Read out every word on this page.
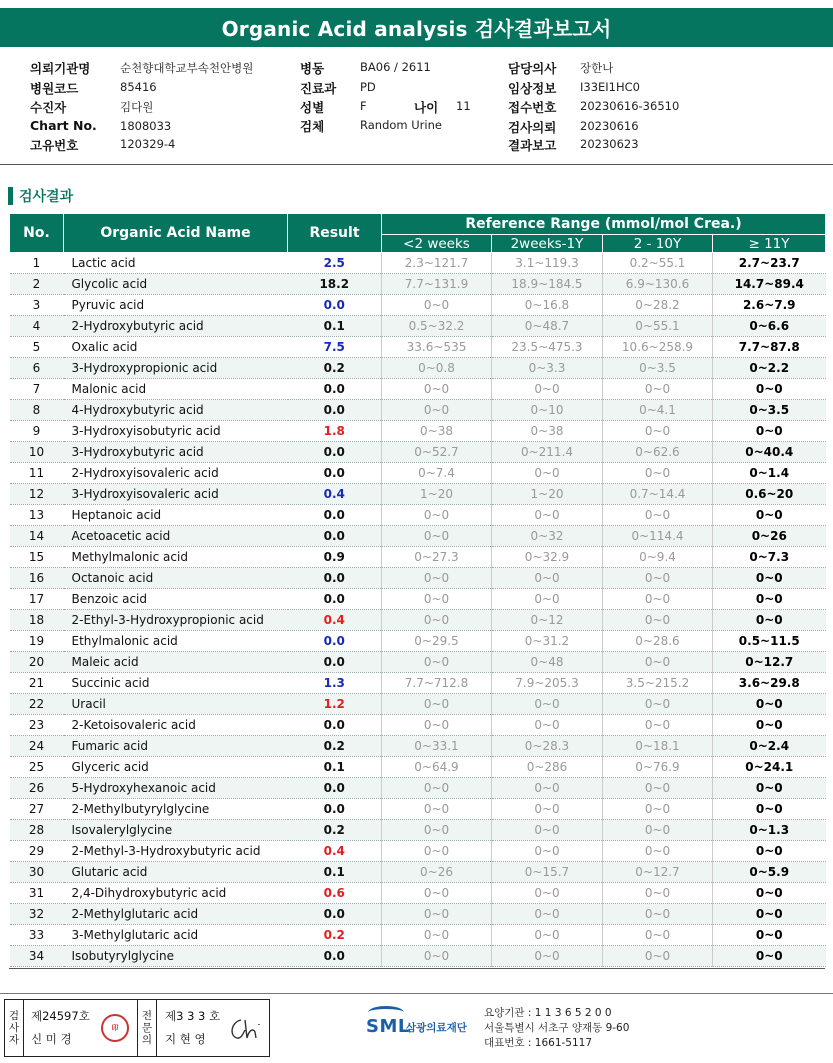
Organic Acid analysis 검사결과보고서
의뢰기관명	순천향대학교부속천안병원
병원코드	85416
수진자	김다원
Chart No. 1808033
고유번호	120329-4
병동	BA06 / 2611
진료과 PD
성별	F	나이 11
검체	Random Urine
담당의사 장한나
임상정보 I33EI1HC0
접수번호 20230616-36510
검사의뢰 20230616
결과보고 20230623
검사결과
No.	Organic Acid Name	Result	Reference Range (mmol/mol Crea.)			
			<2 weeks	2weeks-1Y	2 - 10Y	≥ 11Y
1	Lactic acid	2.5	2.3~121.7	3.1~119.3	0.2~55.1	2.7~23.7
2	Glycolic acid	18.2	7.7~131.9	18.9~184.5	6.9~130.6	14.7~89.4
3	Pyruvic acid	0.0	0~0	0~16.8	0~28.2	2.6~7.9
4	2-Hydroxybutyric acid	0.1	0.5~32.2	0~48.7	0~55.1	0~6.6
5	Oxalic acid	7.5	33.6~535	23.5~475.3	10.6~258.9	7.7~87.8
6	3-Hydroxypropionic acid	0.2	0~0.8	0~3.3	0~3.5	0~2.2
7	Malonic acid	0.0	0~0	0~0	0~0	0~0
8	4-Hydroxybutyric acid	0.0	0~0	0~10	0~4.1	0~3.5
9	3-Hydroxyisobutyric acid	1.8	0~38	0~38	0~0	0~0
10	3-Hydroxybutyric acid	0.0	0~52.7	0~211.4	0~62.6	0~40.4
11	2-Hydroxyisovaleric acid	0.0	0~7.4	0~0	0~0	0~1.4
12	3-Hydroxyisovaleric acid	0.4	1~20	1~20	0.7~14.4	0.6~20
13	Heptanoic acid	0.0	0~0	0~0	0~0	0~0
14	Acetoacetic acid	0.0	0~0	0~32	0~114.4	0~26
15	Methylmalonic acid	0.9	0~27.3	0~32.9	0~9.4	0~7.3
16	Octanoic acid	0.0	0~0	0~0	0~0	0~0
17	Benzoic acid	0.0	0~0	0~0	0~0	0~0
18	2-Ethyl-3-Hydroxypropionic acid	0.4	0~0	0~12	0~0	0~0
19	Ethylmalonic acid	0.0	0~29.5	0~31.2	0~28.6	0.5~11.5
20	Maleic acid	0.0	0~0	0~48	0~0	0~12.7
21	Succinic acid	1.3	7.7~712.8	7.9~205.3	3.5~215.2	3.6~29.8
22	Uracil	1.2	0~0	0~0	0~0	0~0
23	2-Ketoisovaleric acid	0.0	0~0	0~0	0~0	0~0
24	Fumaric acid	0.2	0~33.1	0~28.3	0~18.1	0~2.4
25	Glyceric acid	0.1	0~64.9	0~286	0~76.9	0~24.1
26	5-Hydroxyhexanoic acid	0.0	0~0	0~0	0~0	0~0
27	2-Methylbutyrylglycine	0.0	0~0	0~0	0~0	0~0
28	Isovalerylglycine	0.2	0~0	0~0	0~0	0~1.3
29	2-Methyl-3-Hydroxybutyric acid	0.4	0~0	0~0	0~0	0~0
30	Glutaric acid	0.1	0~26	0~15.7	0~12.7	0~5.9
31	2,4-Dihydroxybutyric acid	0.6	0~0	0~0	0~0	0~0
32	2-Methylglutaric acid	0.0	0~0	0~0	0~0	0~0
33	3-Methylglutaric acid	0.2	0~0	0~0	0~0	0~0
34	Isobutyrylglycine	0.0	0~0	0~0	0~0	0~0
검
사
자
제24597호
신 미 경
印
전
문
의
제3 3 3 호
지 현 영
SML
삼광의료재단
요양기관 : 1 1 3 6 5 2 0 0
서울특별시 서초구 양재동 9-60
대표번호 : 1661-5117
